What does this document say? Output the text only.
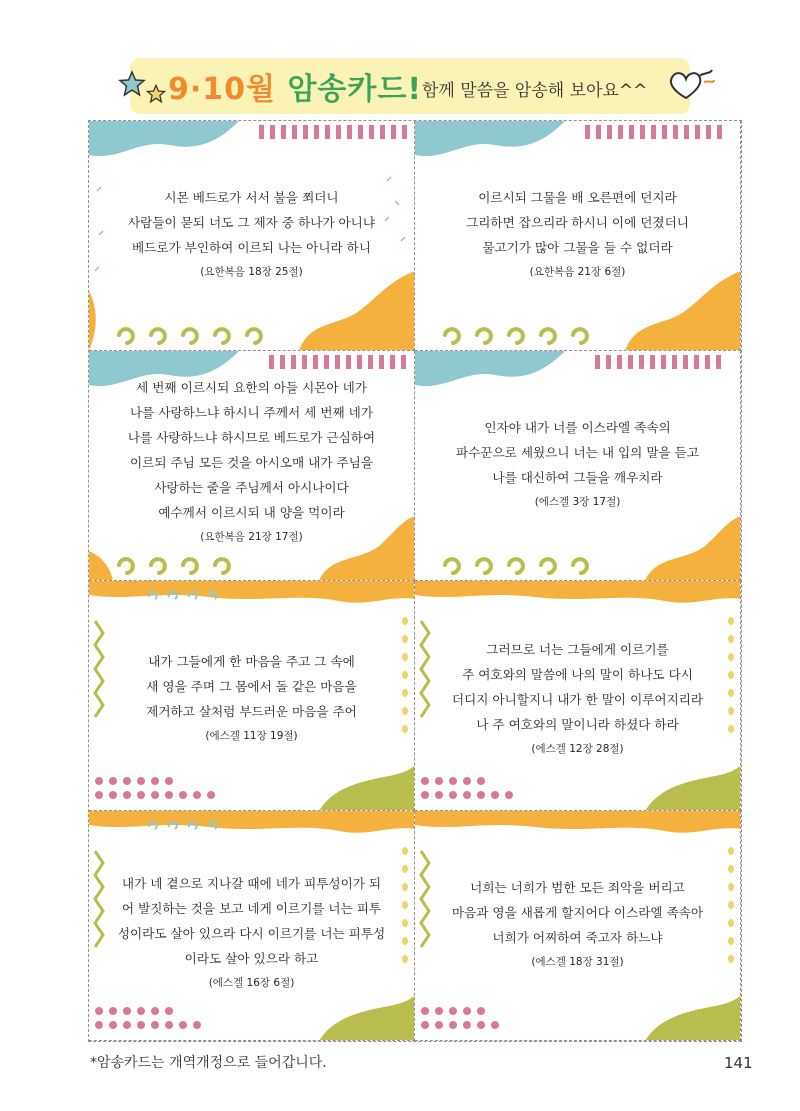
9·10월 암송카드! 함께 말씀을 암송해 보아요^^
시몬 베드로가 서서 불을 쬐더니
사람들이 묻되 너도 그 제자 중 하나가 아니냐
베드로가 부인하여 이르되 나는 아니라 하니
(요한복음 18장 25절)
이르시되 그물을 배 오른편에 던지라
그리하면 잡으리라 하시니 이에 던졌더니
물고기가 많아 그물을 들 수 없더라
(요한복음 21장 6절)
세 번째 이르시되 요한의 아들 시몬아 네가
나를 사랑하느냐 하시니 주께서 세 번째 네가
나를 사랑하느냐 하시므로 베드로가 근심하여
이르되 주님 모든 것을 아시오매 내가 주님을
사랑하는 줄을 주님께서 아시나이다
예수께서 이르시되 내 양을 먹이라
(요한복음 21장 17절)
인자야 내가 너를 이스라엘 족속의
파수꾼으로 세웠으니 너는 내 입의 말을 듣고
나를 대신하여 그들을 깨우치라
(에스겔 3장 17절)
내가 그들에게 한 마음을 주고 그 속에
새 영을 주며 그 몸에서 돌 같은 마음을
제거하고 살처럼 부드러운 마음을 주어
(에스겔 11장 19절)
그러므로 너는 그들에게 이르기를
주 여호와의 말씀에 나의 말이 하나도 다시
더디지 아니할지니 내가 한 말이 이루어지리라
나 주 여호와의 말이니라 하셨다 하라
(에스겔 12장 28절)
내가 네 곁으로 지나갈 때에 네가 피투성이가 되
어 발짓하는 것을 보고 네게 이르기를 너는 피투
성이라도 살아 있으라 다시 이르기를 너는 피투성
이라도 살아 있으라 하고
(에스겔 16장 6절)
너희는 너희가 범한 모든 죄악을 버리고
마음과 영을 새롭게 할지어다 이스라엘 족속아
너희가 어찌하여 죽고자 하느냐
(에스겔 18장 31절)
*암송카드는 개역개정으로 들어갑니다.	141
